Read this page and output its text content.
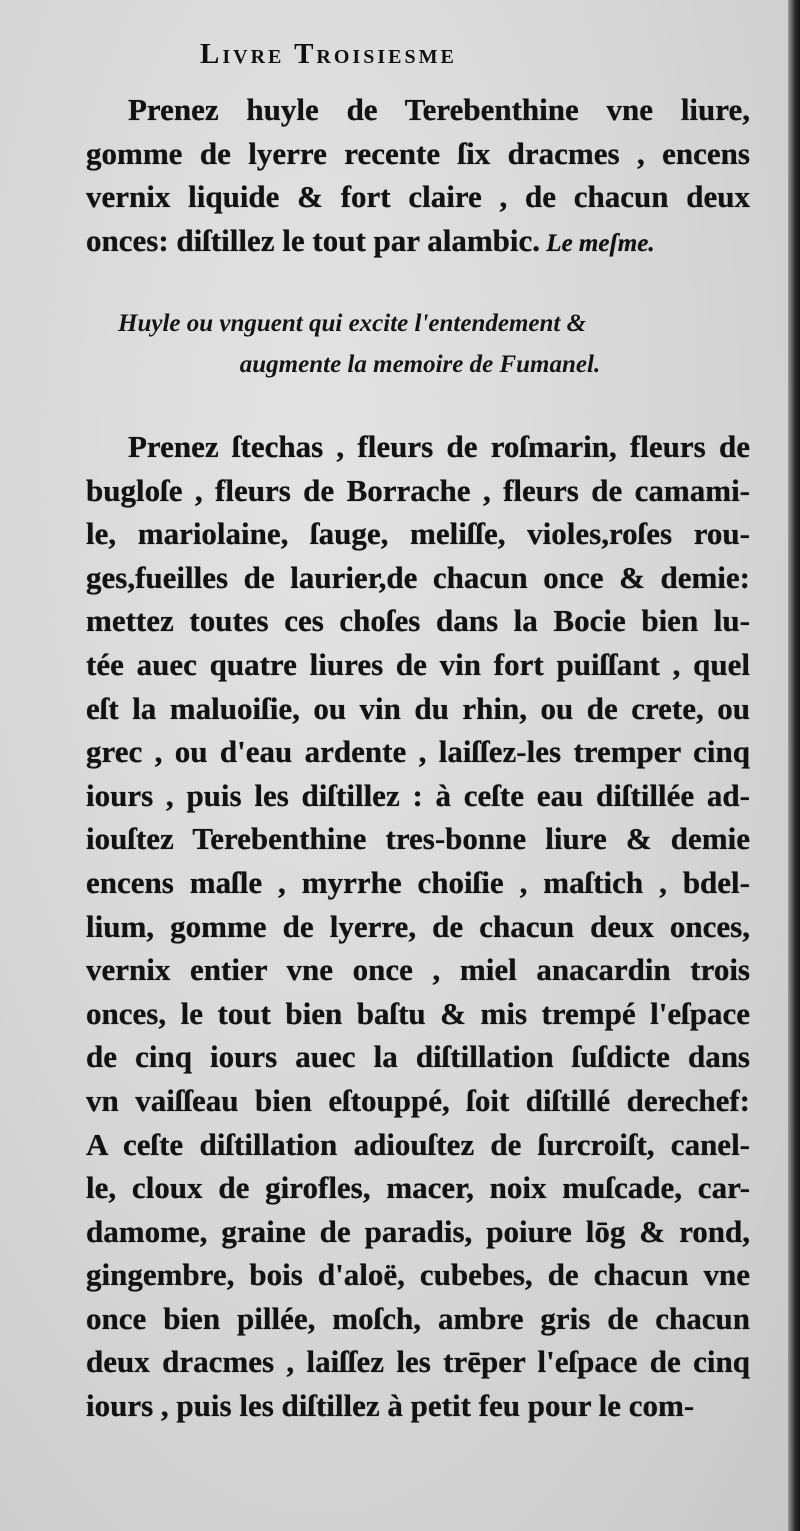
Livre Troisiesme
Prenez huyle de Terebenthine vne liure,
gomme de lyerre recente ſix dracmes , encens
vernix liquide & fort claire , de chacun deux
onces: diſtillez le tout par alambic. Le meſme.
Huyle ou vnguent qui excite l'entendement &
augmente la memoire de Fumanel.
Prenez ſtechas , fleurs de roſmarin, fleurs de
bugloſe , fleurs de Borrache , fleurs de camami-
le, mariolaine, ſauge, meliſſe, violes,roſes rou-
ges,fueilles de laurier,de chacun once & demie:
mettez toutes ces choſes dans la Bocie bien lu-
tée auec quatre liures de vin fort puiſſant , quel
eſt la maluoiſie, ou vin du rhin, ou de crete, ou
grec , ou d'eau ardente , laiſſez-les tremper cinq
iours , puis les diſtillez : à ceſte eau diſtillée ad-
iouſtez Terebenthine tres-bonne liure & demie
encens maſle , myrrhe choiſie , maſtich , bdel-
lium, gomme de lyerre, de chacun deux onces,
vernix entier vne once , miel anacardin trois
onces, le tout bien baſtu & mis trempé l'eſpace
de cinq iours auec la diſtillation ſuſdicte dans
vn vaiſſeau bien eſtouppé, ſoit diſtillé derechef:
A ceſte diſtillation adiouſtez de ſurcroiſt, canel-
le, cloux de girofles, macer, noix muſcade, car-
damome, graine de paradis, poiure lōg & rond,
gingembre, bois d'aloë, cubebes, de chacun vne
once bien pillée, moſch, ambre gris de chacun
deux dracmes , laiſſez les trēper l'eſpace de cinq
iours , puis les diſtillez à petit feu pour le com-
